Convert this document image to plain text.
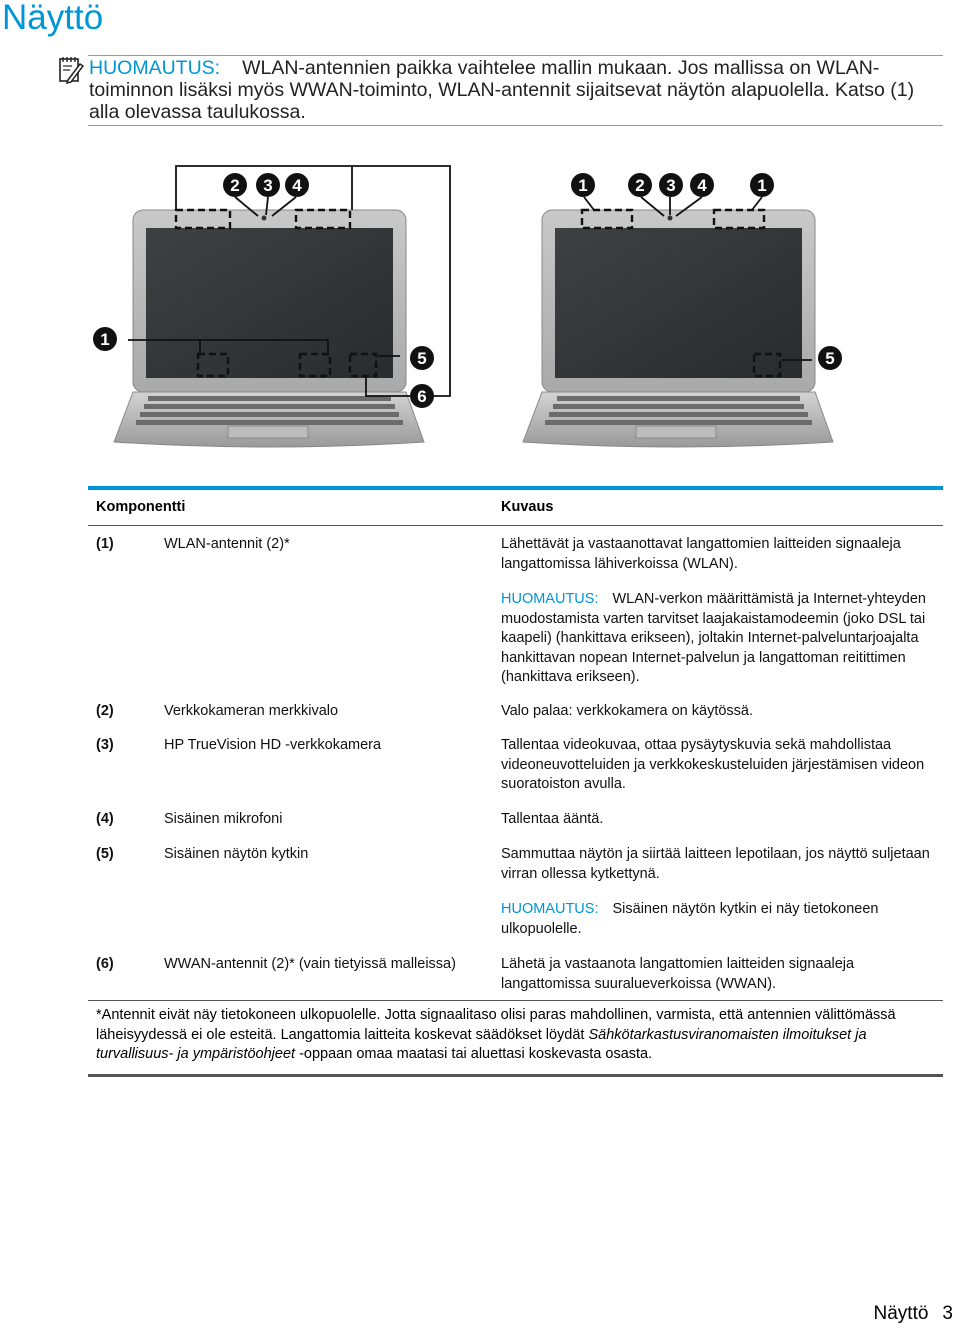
Näyttö
HUOMAUTUS: WLAN-antennien paikka vaihtelee mallin mukaan. Jos mallissa on WLAN-toiminnon lisäksi myös WWAN-toiminto, WLAN-antennit sijaitsevat näytön alapuolella. Katso (1) alla olevassa taulukossa.
2 3 4
1
5
6
1	2 3 4	1
5
Komponentti	Kuvaus
(1)	WLAN-antennit (2)*	Lähettävät ja vastaanottavat langattomien laitteiden signaaleja langattomissa lähiverkoissa (WLAN).
HUOMAUTUS: WLAN-verkon määrittämistä ja Internet-yhteyden muodostamista varten tarvitset laajakaistamodeemin (joko DSL tai kaapeli) (hankittava erikseen), joltakin Internet-palveluntarjoajalta hankittavan nopean Internet-palvelun ja langattoman reitittimen (hankittava erikseen).
(2)	Verkkokameran merkkivalo	Valo palaa: verkkokamera on käytössä.
(3)	HP TrueVision HD -verkkokamera	Tallentaa videokuvaa, ottaa pysäytyskuvia sekä mahdollistaa videoneuvotteluiden ja verkkokeskusteluiden järjestämisen videon suoratoiston avulla.
(4)	Sisäinen mikrofoni	Tallentaa ääntä.
(5)	Sisäinen näytön kytkin	Sammuttaa näytön ja siirtää laitteen lepotilaan, jos näyttö suljetaan virran ollessa kytkettynä.
HUOMAUTUS: Sisäinen näytön kytkin ei näy tietokoneen ulkopuolelle.
(6)	WWAN-antennit (2)* (vain tietyissä malleissa)	Lähetä ja vastaanota langattomien laitteiden signaaleja langattomissa suuralueverkoissa (WWAN).
*Antennit eivät näy tietokoneen ulkopuolelle. Jotta signaalitaso olisi paras mahdollinen, varmista, että antennien välittömässä läheisyydessä ei ole esteitä. Langattomia laitteita koskevat säädökset löydät Sähkötarkastusviranomaisten ilmoitukset ja turvallisuus- ja ympäristöohjeet -oppaan omaa maatasi tai aluettasi koskevasta osasta.
Näyttö 3
